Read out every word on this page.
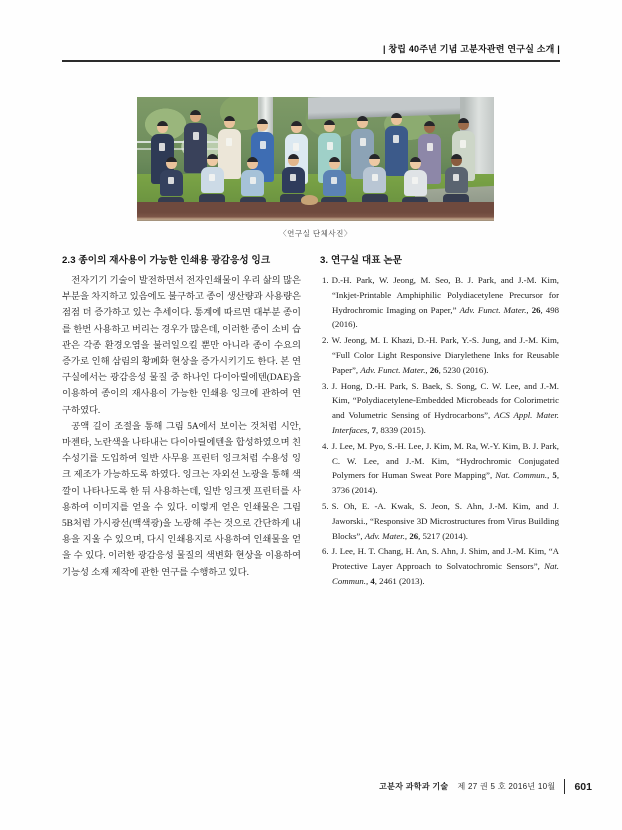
| 창립 40주년 기념 고분자관련 연구실 소개 |
〈연구실 단체사진〉
2.3 종이의 재사용이 가능한 인쇄용 광감응성 잉크

전자기기 기술이 발전하면서 전자인쇄물이 우리 삶의 많은 부분을 차지하고 있음에도 불구하고 종이 생산량과 사용량은 점점 더 증가하고 있는 추세이다. 통계에 따르면 대부분 종이를 한번 사용하고 버리는 경우가 많은데, 이러한 종이 소비 습관은 각종 환경오염을 불러일으킬 뿐만 아니라 종이 수요의 증가로 인해 삼림의 황폐화 현상을 증가시키기도 한다. 본 연구실에서는 광감응성 물질 중 하나인 다이아릴에텐(DAE)을 이용하여 종이의 재사용이 가능한 인쇄용 잉크에 관하여 연구하였다.

공액 길이 조절을 통해 그림 5A에서 보이는 것처럼 시안, 마젠타, 노란색을 나타내는 다이아릴에텐을 합성하였으며 친수성기를 도입하여 일반 사무용 프린터 잉크처럼 수용성 잉크 제조가 가능하도록 하였다. 잉크는 자외선 노광을 통해 색깔이 나타나도록 한 뒤 사용하는데, 일반 잉크젯 프린터를 사용하여 이미지를 얻을 수 있다. 이렇게 얻은 인쇄물은 그림 5B처럼 가시광선(백색광)을 노광해 주는 것으로 간단하게 내용을 지울 수 있으며, 다시 인쇄용지로 사용하여 인쇄물을 얻을 수 있다. 이러한 광감응성 물질의 색변화 현상을 이용하여 기능성 소재 제작에 관한 연구를 수행하고 있다.

3. 연구실 대표 논문
1. D.-H. Park, W. Jeong, M. Seo, B. J. Park, and J.-M. Kim, “Inkjet-Printable Amphiphilic Polydiacetylene Precursor for Hydrochromic Imaging on Paper,” Adv. Funct. Mater., 26, 498 (2016).
2. W. Jeong, M. I. Khazi, D.-H. Park, Y.-S. Jung, and J.-M. Kim, “Full Color Light Responsive Diarylethene Inks for Reusable Paper”, Adv. Funct. Mater., 26, 5230 (2016).
3. J. Hong, D.-H. Park, S. Baek, S. Song, C. W. Lee, and J.-M. Kim, “Polydiacetylene-Embedded Microbeads for Colorimetric and Volumetric Sensing of Hydrocarbons”, ACS Appl. Mater. Interfaces, 7, 8339 (2015).
4. J. Lee, M. Pyo, S.-H. Lee, J. Kim, M. Ra, W.-Y. Kim, B. J. Park, C. W. Lee, and J.-M. Kim, “Hydrochromic Conjugated Polymers for Human Sweat Pore Mapping”, Nat. Commun., 5, 3736 (2014).
5. S. Oh, E. -A. Kwak, S. Jeon, S. Ahn, J.-M. Kim, and J. Jaworski., “Responsive 3D Microstructures from Virus Building Blocks”, Adv. Mater., 26, 5217 (2014).
6. J. Lee, H. T. Chang, H. An, S. Ahn, J. Shim, and J.-M. Kim, “A Protective Layer Approach to Solvatochromic Sensors”, Nat. Commun., 4, 2461 (2013).
고분자 과학과 기술 제 27 권 5 호 2016년 10월 601
